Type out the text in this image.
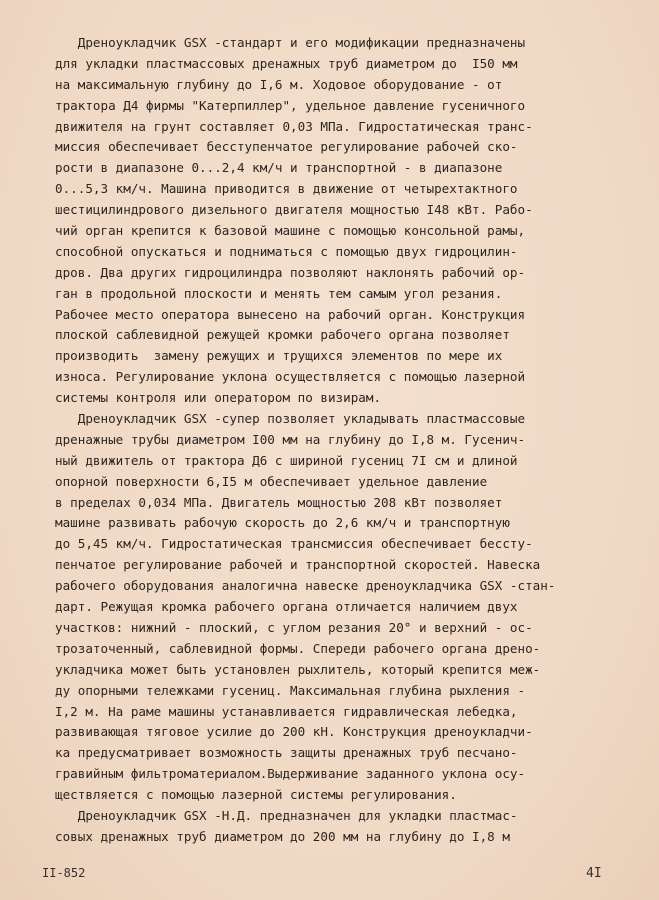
Дреноукладчик GSX -стандарт и его модификации предназначены
для укладки пластмассовых дренажных труб диаметром до  I50 мм
на максимальную глубину до I,6 м. Ходовое оборудование - от
трактора Д4 фирмы "Катерпиллер", удельное давление гусеничного
движителя на грунт составляет 0,03 МПа. Гидростатическая транс-
миссия обеспечивает бесступенчатое регулирование рабочей ско-
рости в диапазоне 0...2,4 км/ч и транспортной - в диапазоне
0...5,3 км/ч. Машина приводится в движение от четырехтактного
шестицилиндрового дизельного двигателя мощностью I48 кВт. Рабо-
чий орган крепится к базовой машине с помощью консольной рамы,
способной опускаться и подниматься с помощью двух гидроцилин-
дров. Два других гидроцилиндра позволяют наклонять рабочий ор-
ган в продольной плоскости и менять тем самым угол резания.
Рабочее место оператора вынесено на рабочий орган. Конструкция
плоской саблевидной режущей кромки рабочего органа позволяет
производить  замену режущих и трущихся элементов по мере их
износа. Регулирование уклона осуществляется с помощью лазерной
системы контроля или оператором по визирам.
Дреноукладчик GSX -супер позволяет укладывать пластмассовые
дренажные трубы диаметром I00 мм на глубину до I,8 м. Гусенич-
ный движитель от трактора Д6 с шириной гусениц 7I см и длиной
опорной поверхности 6,I5 м обеспечивает удельное давление
в пределах 0,034 МПа. Двигатель мощностью 208 кВт позволяет
машине развивать рабочую скорость до 2,6 км/ч и транспортную
до 5,45 км/ч. Гидростатическая трансмиссия обеспечивает бессту-
пенчатое регулирование рабочей и транспортной скоростей. Навеска
рабочего оборудования аналогична навеске дреноукладчика GSX -стан-
дарт. Режущая кромка рабочего органа отличается наличием двух
участков: нижний - плоский, с углом резания 20° и верхний - ос-
трозаточенный, саблевидной формы. Спереди рабочего органа дрено-
укладчика может быть установлен рыхлитель, который крепится меж-
ду опорными тележками гусениц. Максимальная глубина рыхления -
I,2 м. На раме машины устанавливается гидравлическая лебедка,
развивающая тяговое усилие до 200 кН. Конструкция дреноукладчи-
ка предусматривает возможность защиты дренажных труб песчано-
гравийным фильтроматериалом.Выдерживание заданного уклона осу-
ществляется с помощью лазерной системы регулирования.
Дреноукладчик GSX -Н.Д. предназначен для укладки пластмас-
совых дренажных труб диаметром до 200 мм на глубину до I,8 м
II-852	4I
